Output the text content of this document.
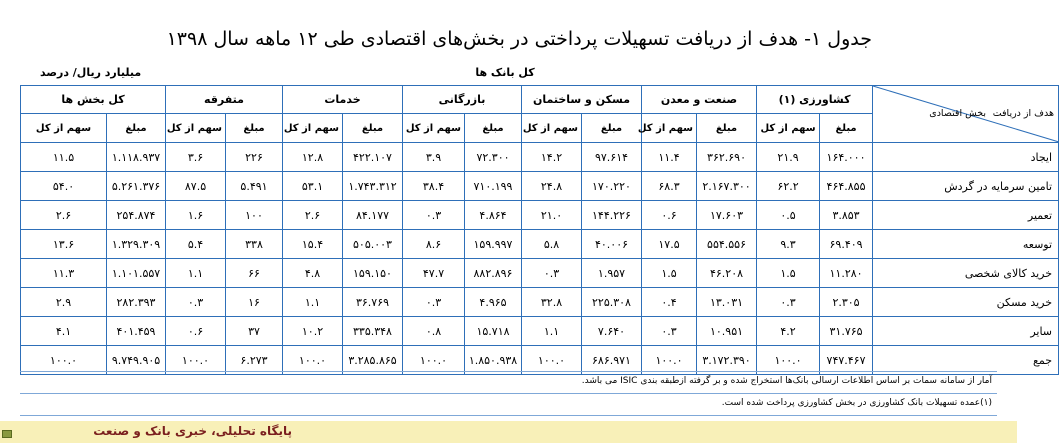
جدول ۱- هدف از دریافت تسهیلات پرداختی در بخش‌های اقتصادی طی ۱۲ ماهه سال ۱۳۹۸
میلیارد ریال/ درصد	کل بانک ها
هدف از دریافت
بخش اقتصادی	کشاورزی (۱)		صنعت و معدن		مسکن و ساختمان		بازرگانی		خدمات		متفرقه		کل بخش ها	
	مبلغ	سهم از کل	مبلغ	سهم از کل	مبلغ	سهم از کل	مبلغ	سهم از کل	مبلغ	سهم از کل	مبلغ	سهم از کل	مبلغ	سهم از کل
ایجاد	۱۶۴.۰۰۰	۲۱.۹	۳۶۲.۶۹۰	۱۱.۴	۹۷.۶۱۴	۱۴.۲	۷۲.۳۰۰	۳.۹	۴۲۲.۱۰۷	۱۲.۸	۲۲۶	۳.۶	۱.۱۱۸.۹۳۷	۱۱.۵
تامین سرمایه در گردش	۴۶۴.۸۵۵	۶۲.۲	۲.۱۶۷.۳۰۰	۶۸.۳	۱۷۰.۲۲۰	۲۴.۸	۷۱۰.۱۹۹	۳۸.۴	۱.۷۴۳.۳۱۲	۵۳.۱	۵.۴۹۱	۸۷.۵	۵.۲۶۱.۳۷۶	۵۴.۰
تعمیر	۳.۸۵۳	۰.۵	۱۷.۶۰۳	۰.۶	۱۴۴.۲۲۶	۲۱.۰	۴.۸۶۴	۰.۳	۸۴.۱۷۷	۲.۶	۱۰۰	۱.۶	۲۵۴.۸۷۴	۲.۶
توسعه	۶۹.۴۰۹	۹.۳	۵۵۴.۵۵۶	۱۷.۵	۴۰.۰۰۶	۵.۸	۱۵۹.۹۹۷	۸.۶	۵۰۵.۰۰۳	۱۵.۴	۳۳۸	۵.۴	۱.۳۲۹.۳۰۹	۱۳.۶
خرید کالای شخصی	۱۱.۲۸۰	۱.۵	۴۶.۲۰۸	۱.۵	۱.۹۵۷	۰.۳	۸۸۲.۸۹۶	۴۷.۷	۱۵۹.۱۵۰	۴.۸	۶۶	۱.۱	۱.۱۰۱.۵۵۷	۱۱.۳
خرید مسکن	۲.۳۰۵	۰.۳	۱۳.۰۳۱	۰.۴	۲۲۵.۳۰۸	۳۲.۸	۴.۹۶۵	۰.۳	۳۶.۷۶۹	۱.۱	۱۶	۰.۳	۲۸۲.۳۹۳	۲.۹
سایر	۳۱.۷۶۵	۴.۲	۱۰.۹۵۱	۰.۳	۷.۶۴۰	۱.۱	۱۵.۷۱۸	۰.۸	۳۳۵.۳۴۸	۱۰.۲	۳۷	۰.۶	۴۰۱.۴۵۹	۴.۱
جمع	۷۴۷.۴۶۷	۱۰۰.۰	۳.۱۷۲.۳۹۰	۱۰۰.۰	۶۸۶.۹۷۱	۱۰۰.۰	۱.۸۵۰.۹۳۸	۱۰۰.۰	۳.۲۸۵.۸۶۵	۱۰۰.۰	۶.۲۷۳	۱۰۰.۰	۹.۷۴۹.۹۰۵	۱۰۰.۰
آمار از سامانه سمات بر اساس اطلاعات ارسالی بانک‌ها استخراج شده و بر گرفته ازطبقه بندی ISIC می باشد.
(۱)عمده تسهیلات بانک کشاورزی در بخش کشاورزی پرداخت شده است.
پایگاه تحلیلی، خبری بانک و صنعت
